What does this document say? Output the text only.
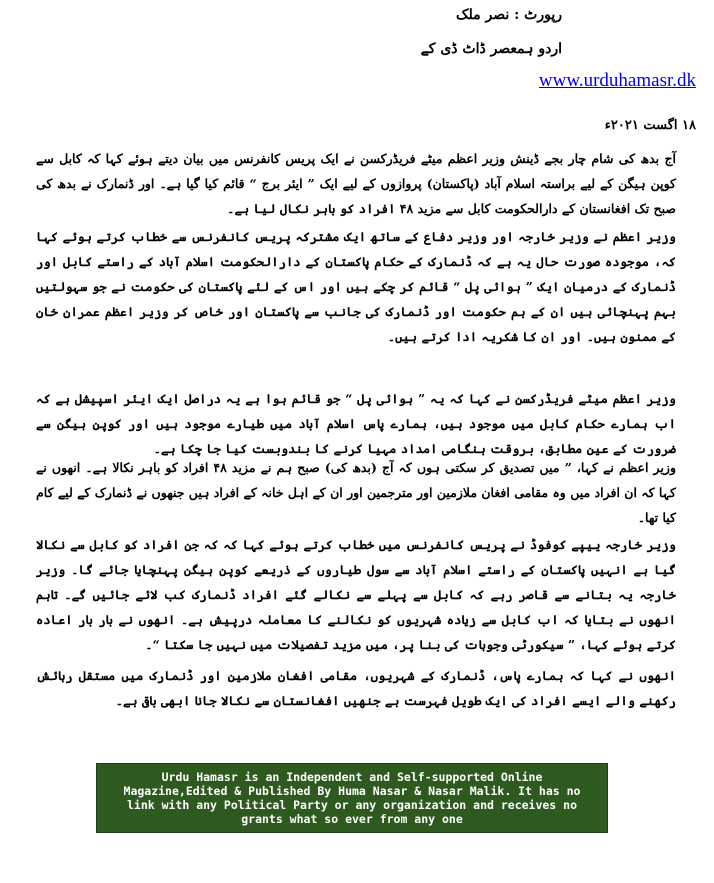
رپورٹ : نصر ملک
اردو ہمعصر ڈاٹ ڈی کے
www.urduhamasr.dk
۱۸ اگست ۲۰۲۱ء

آج بدھ کی شام چار بجے ڈینش وزیر اعظم میٹے فریڈرکسن نے ایک پریس کانفرنس میں بیان دیتے ہوئے کہا کہ کابل سے کوپن ہیگن کے لیے براستہ اسلام آباد (پاکستان) پروازوں کے لیے ایک ” ایئر برج “ قائم کیا گیا ہے۔ اور ڈنمارک نے بدھ کی صبح تک افغانستان کے دارالحکومت کابل سے مزید ۴۸ افراد کو باہر نکال لیا ہے۔

وزیر اعظم نے وزیر خارجہ اور وزیر دفاع کے ساتھ ایک مشترکہ پریس کانفرنس سے خطاب کرتے ہوئے کہا کہ، موجودہ صورت حال یہ ہے کہ ڈنمارک کے حکام پاکستان کے دارالحکومت اسلام آباد کے راستے کابل اور ڈنمارک کے درمیان ایک ” ہوائی پل “ قائم کر چکے ہیں اور اس کے لئے پاکستان کی حکومت نے جو سہولتیں بہم پہنچائی ہیں ان کے ہم حکومت اور ڈنمارک کی جانب سے پاکستان اور خاص کر وزیر اعظم عمران خان کے ممنون ہیں۔ اور ان کا شکریہ ادا کرتے ہیں۔

وزیر اعظم میٹے فریڈرکسن نے کہا کہ یہ ” ہوائی پل “ جو قائم ہوا ہے یہ دراصل ایک ایئر اسپیشل ہے کہ اب ہمارے حکام کابل میں موجود ہیں، ہمارے پاس اسلام آباد میں طیارے موجود ہیں اور کوپن ہیگن سے ضرورت کے عین مطابق، بروقت ہنگامی امداد مہیا کرنے کا بندوبست کیا جا چکا ہے۔

وزیر اعظم نے کہا، ” میں تصدیق کر سکتی ہوں کہ آج (بدھ کی) صبح ہم نے مزید ۴۸ افراد کو باہر نکالا ہے۔ انھوں نے کہا کہ ان افراد میں وہ مقامی افغان ملازمین اور مترجمین اور ان کے اہل خانہ کے افراد ہیں جنھوں نے ڈنمارک کے لیے کام کیا تھا۔

وزیر خارجہ ییپے کوفوڈ نے پریس کانفرنس میں خطاب کرتے ہوئے کہا کہ کہ جن افراد کو کابل سے نکالا گیا ہے انہیں پاکستان کے راستے اسلام آباد سے سول طیاروں کے ذریعے کوپن ہیگن پہنچایا جائے گا۔ وزیر خارجہ یہ بتانے سے قاصر رہے کہ کابل سے پہلے سے نکالے گئے افراد ڈنمارک کب لائے جائیں گے۔ تاہم انھوں نے بتایا کہ اب کابل سے زیادہ شہریوں کو نکالنے کا معاملہ درپیش ہے۔ انھوں نے بار بار اعادہ کرتے ہوئے کہا، ” سیکورٹی وجوہات کی بنا پر، میں مزید تفصیلات میں نہیں جا سکتا “۔

انھوں نے کہا کہ ہمارے پاس، ڈنمارک کے شہریوں، مقامی افغان ملازمین اور ڈنمارک میں مستقل رہائش رکھنے والے ایسے افراد کی ایک طویل فہرست ہے جنھیں افغانستان سے نکالا جانا ابھی باقی ہے۔

Urdu Hamasr is an Independent and Self-supported Online Magazine,Edited & Published By Huma Nasar & Nasar Malik. It has no link with any Political Party or any organization and receives no grants what so ever from any one
